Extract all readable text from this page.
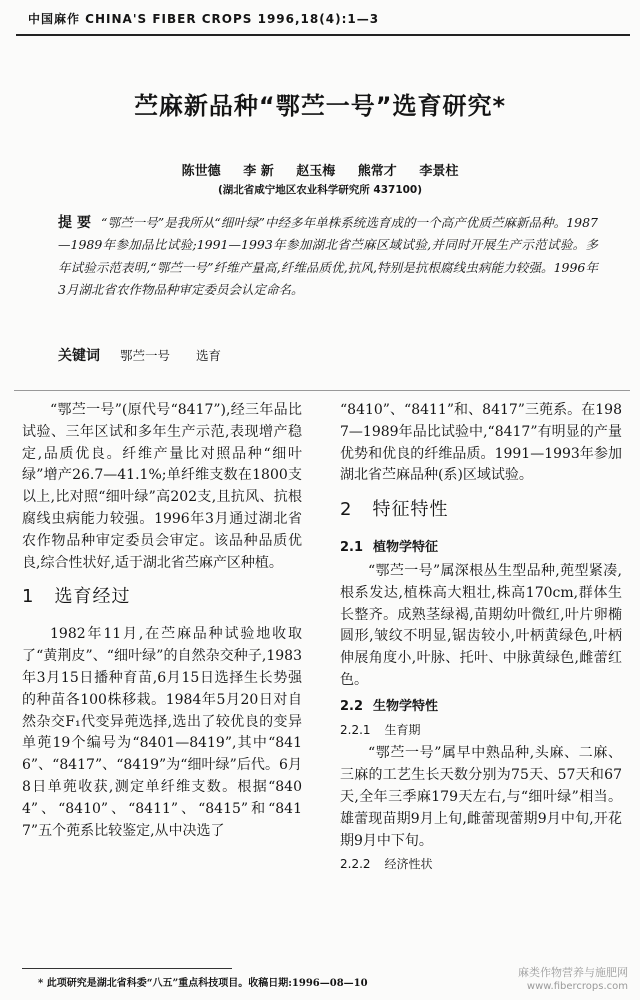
中国麻作 CHINA'S FIBER CROPS 1996,18(4):1—3
苎麻新品种“鄂苎一号”选育研究*
陈世德 李 新 赵玉梅 熊常才 李景柱
(湖北省咸宁地区农业科学研究所 437100)
提 要 “鄂苎一号”是我所从“细叶绿”中经多年单株系统选育成的一个高产优质苎麻新品种。1987—1989年参加品比试验;1991—1993年参加湖北省苎麻区域试验,并同时开展生产示范试验。多年试验示范表明,“鄂苎一号”纤维产量高,纤维品质优,抗风,特别是抗根腐线虫病能力较强。1996年3月湖北省农作物品种审定委员会认定命名。
关键词 鄂苎一号 选育

“鄂苎一号”(原代号“8417”),经三年品比试验、三年区试和多年生产示范,表现增产稳定,品质优良。纤维产量比对照品种“细叶绿”增产26.7—41.1%;单纤维支数在1800支以上,比对照“细叶绿”高202支,且抗风、抗根腐线虫病能力较强。1996年3月通过湖北省农作物品种审定委员会审定。该品种品质优良,综合性状好,适于湖北省苎麻产区种植。

1 选育经过

1982年11月,在苎麻品种试验地收取了“黄荆皮”、“细叶绿”的自然杂交种子,1983年3月15日播种育苗,6月15日选择生长势强的种苗各100株移栽。1984年5月20日对自然杂交F₁代变异蔸选择,选出了较优良的变异单蔸19个编号为“8401—8419”,其中“8416”、“8417”、“8419”为“细叶绿”后代。6月8日单蔸收获,测定单纤维支数。根据“8404”、“8410”、“8411”、“8415”和“8417”五个蔸系比较鉴定,从中决选了

“8410”、“8411”和、8417”三蔸系。在1987—1989年品比试验中,“8417”有明显的产量优势和优良的纤维品质。1991—1993年参加湖北省苎麻品种(系)区域试验。

2 特征特性
2.1 植物学特征

“鄂苎一号”属深根丛生型品种,蔸型紧凑,根系发达,植株高大粗壮,株高170cm,群体生长整齐。成熟茎绿褐,苗期幼叶微红,叶片卵椭圆形,皱纹不明显,锯齿较小,叶柄黄绿色,叶柄伸展角度小,叶脉、托叶、中脉黄绿色,雌蕾红色。

2.2 生物学特性
2.2.1 生育期

“鄂苎一号”属早中熟品种,头麻、二麻、三麻的工艺生长天数分别为75天、57天和67天,全年三季麻179天左右,与“细叶绿”相当。雄蕾现苗期9月上旬,雌蕾现蕾期9月中旬,开花期9月中下旬。

2.2.2 经济性状
* 此项研究是湖北省科委“八五”重点科技项目。收稿日期:1996—08—10
麻类作物营养与施肥网
www.fibercrops.com
